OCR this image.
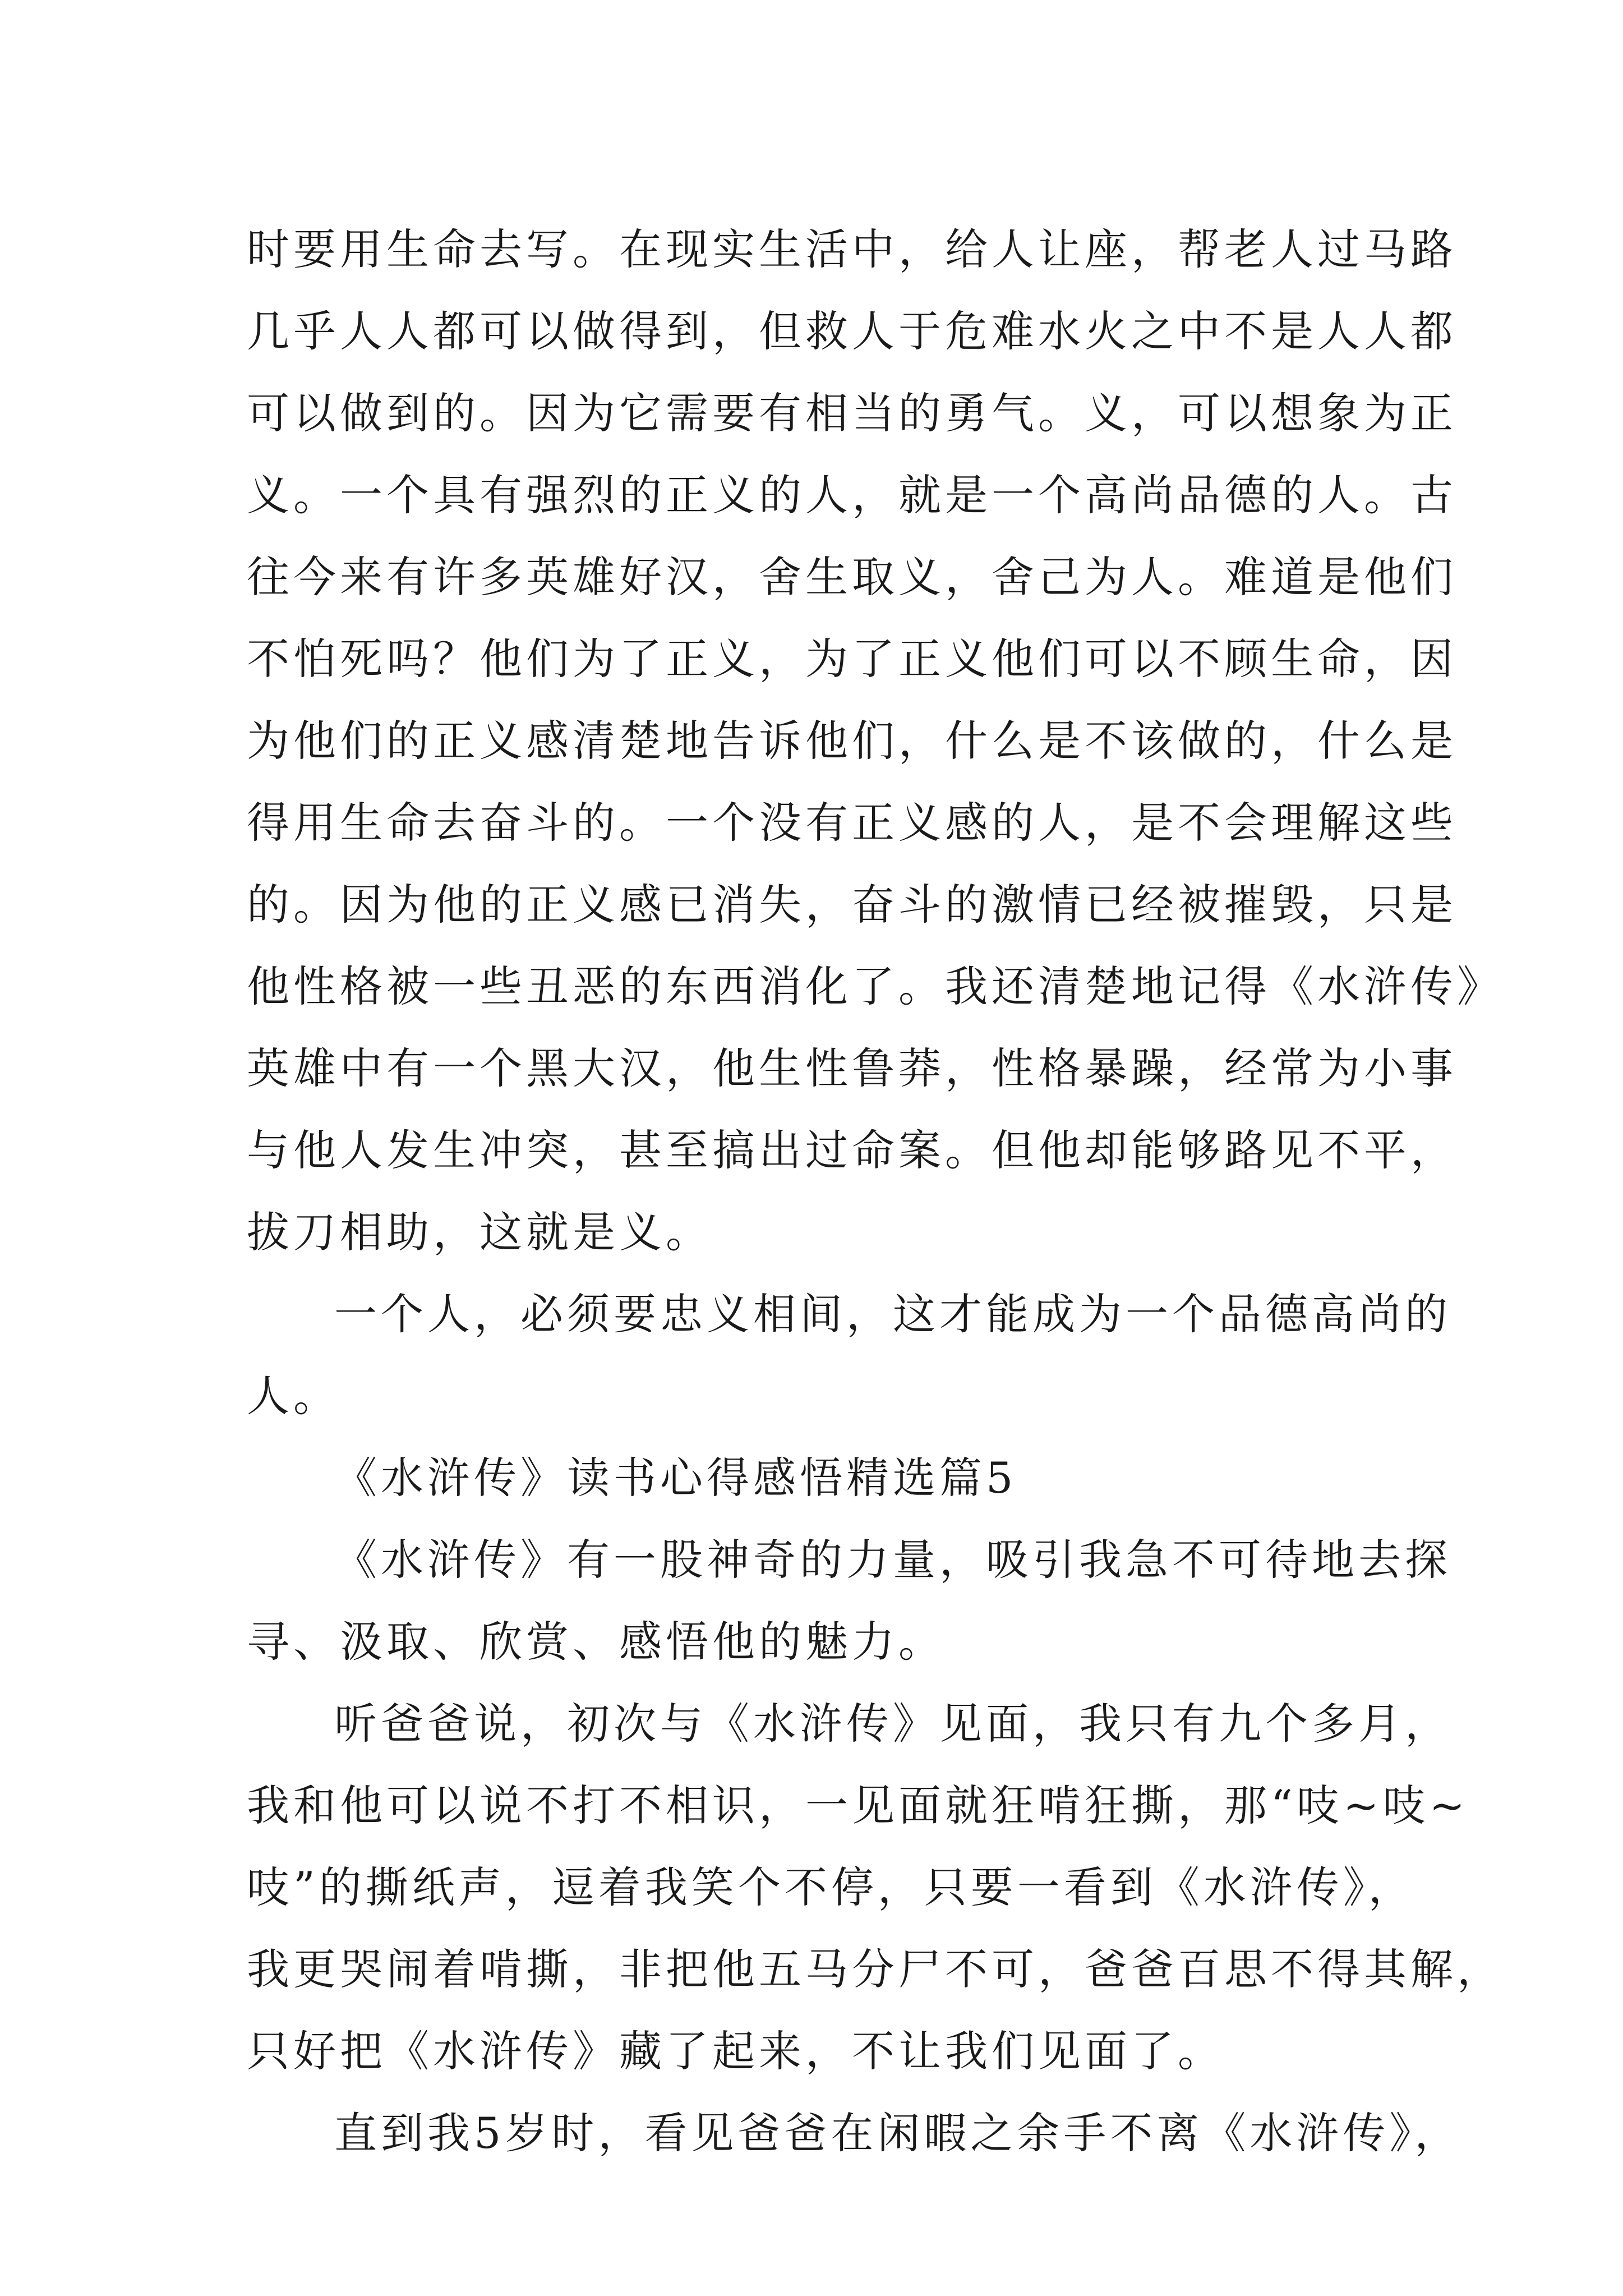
时要用生命去写。在现实生活中，给人让座，帮老人过马路
几乎人人都可以做得到，但救人于危难水火之中不是人人都
可以做到的。因为它需要有相当的勇气。义，可以想象为正
义。一个具有强烈的正义的人，就是一个高尚品德的人。古
往今来有许多英雄好汉，舍生取义，舍己为人。难道是他们
不怕死吗？他们为了正义，为了正义他们可以不顾生命，因
为他们的正义感清楚地告诉他们，什么是不该做的，什么是
得用生命去奋斗的。一个没有正义感的人，是不会理解这些
的。因为他的正义感已消失，奋斗的激情已经被摧毁，只是
他性格被一些丑恶的东西消化了。我还清楚地记得《水浒传》
英雄中有一个黑大汉，他生性鲁莽，性格暴躁，经常为小事
与他人发生冲突，甚至搞出过命案。但他却能够路见不平，
拔刀相助，这就是义。
一个人，必须要忠义相间，这才能成为一个品德高尚的
人。
《水浒传》读书心得感悟精选篇5
《水浒传》有一股神奇的力量，吸引我急不可待地去探
寻、汲取、欣赏、感悟他的魅力。
听爸爸说，初次与《水浒传》见面，我只有九个多月，
我和他可以说不打不相识，一见面就狂啃狂撕，那“吱~吱~
吱”的撕纸声，逗着我笑个不停，只要一看到《水浒传》，
我更哭闹着啃撕，非把他五马分尸不可，爸爸百思不得其解，
只好把《水浒传》藏了起来，不让我们见面了。
直到我5岁时，看见爸爸在闲暇之余手不离《水浒传》，
